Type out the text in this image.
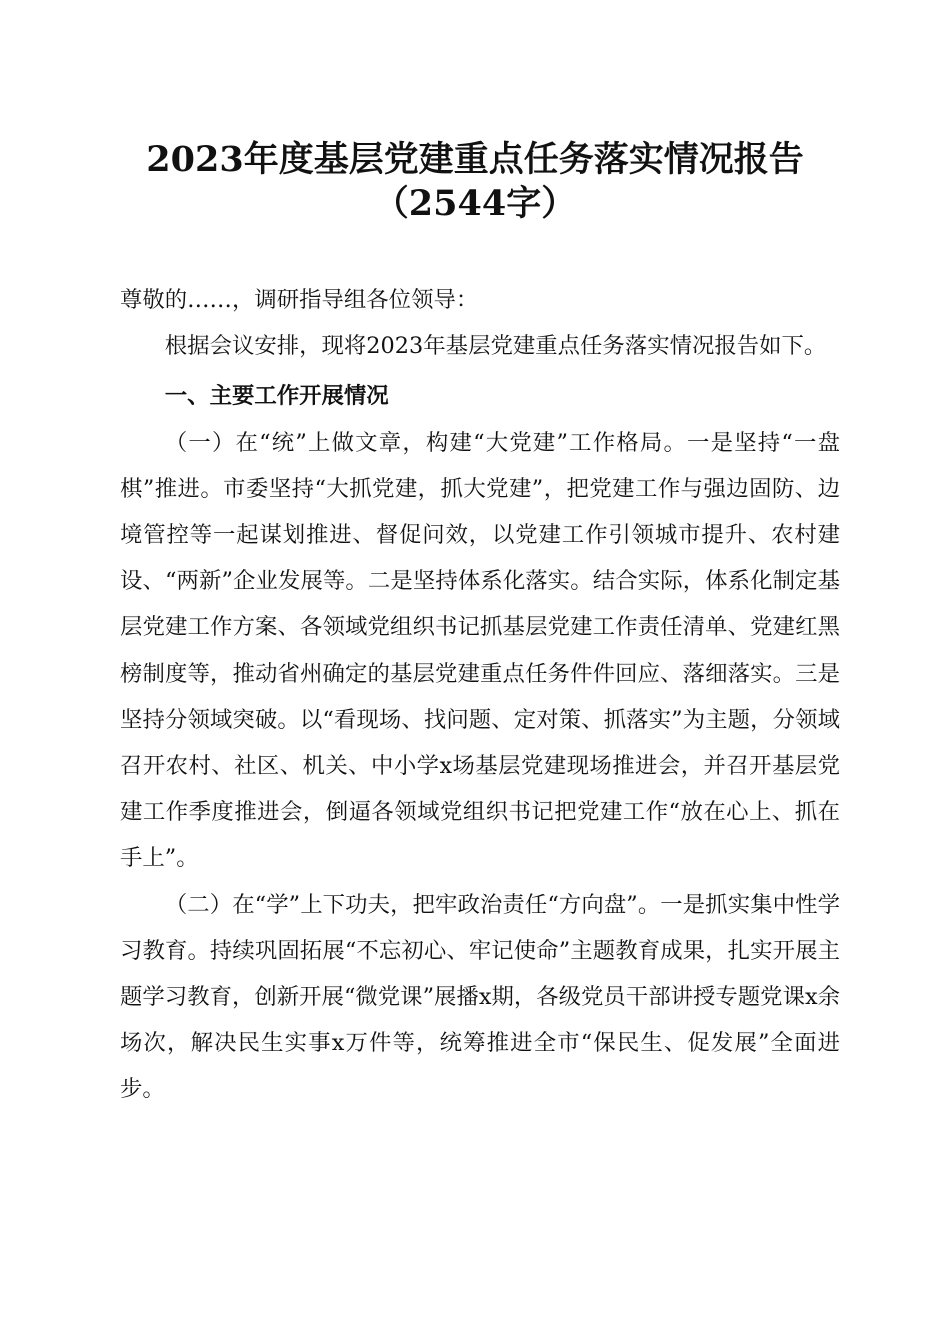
2023年度基层党建重点任务落实情况报告
（2544字）

尊敬的……，调研指导组各位领导：

根据会议安排，现将2023年基层党建重点任务落实情况报告如下。

一、主要工作开展情况

（一）在“统”上做文章，构建“大党建”工作格局。一是坚持“一盘棋”推进。市委坚持“大抓党建，抓大党建”，把党建工作与强边固防、边境管控等一起谋划推进、督促问效，以党建工作引领城市提升、农村建设、“两新”企业发展等。二是坚持体系化落实。结合实际，体系化制定基层党建工作方案、各领域党组织书记抓基层党建工作责任清单、党建红黑榜制度等，推动省州确定的基层党建重点任务件件回应、落细落实。三是坚持分领域突破。以“看现场、找问题、定对策、抓落实”为主题，分领域召开农村、社区、机关、中小学x场基层党建现场推进会，并召开基层党建工作季度推进会，倒逼各领域党组织书记把党建工作“放在心上、抓在手上”。

（二）在“学”上下功夫，把牢政治责任“方向盘”。一是抓实集中性学习教育。持续巩固拓展“不忘初心、牢记使命”主题教育成果，扎实开展主题学习教育，创新开展“微党课”展播x期，各级党员干部讲授专题党课x余场次，解决民生实事x万件等，统筹推进全市“保民生、促发展”全面进步。
